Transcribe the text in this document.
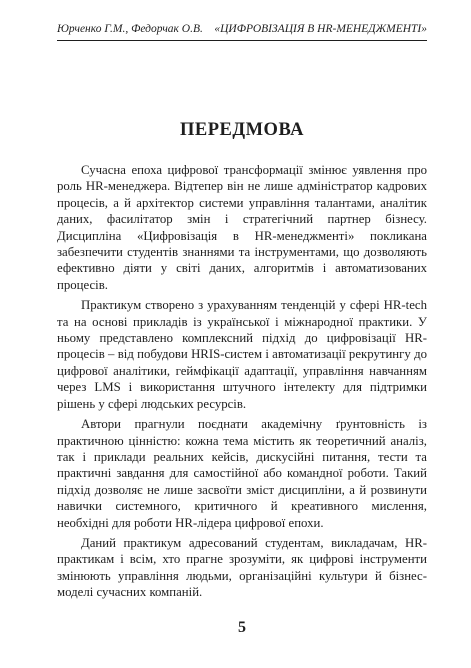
Юрченко Г.М., Федорчак О.В. «ЦИФРОВІЗАЦІЯ В HR-МЕНЕДЖМЕНТІ»
ПЕРЕДМОВА

Сучасна епоха цифрової трансформації змінює уявлення про роль HR-менеджера. Відтепер він не лише адміністратор кадрових процесів, а й архітектор системи управління талантами, аналітик даних, фасилітатор змін і стратегічний партнер бізнесу. Дисципліна «Цифровізація в HR-менеджменті» покликана забезпечити студентів знаннями та інструментами, що дозволяють ефективно діяти у світі даних, алгоритмів і автоматизованих процесів.

Практикум створено з урахуванням тенденцій у сфері HR-tech та на основі прикладів із української і міжнародної практики. У ньому представлено комплексний підхід до цифровізації HR-процесів – від побудови HRIS-систем і автоматизації рекрутингу до цифрової аналітики, геймфікації адаптації, управління навчанням через LMS і використання штучного інтелекту для підтримки рішень у сфері людських ресурсів.

Автори прагнули поєднати академічну ґрунтовність із практичною цінністю: кожна тема містить як теоретичний аналіз, так і приклади реальних кейсів, дискусійні питання, тести та практичні завдання для самостійної або командної роботи. Такий підхід дозволяє не лише засвоїти зміст дисципліни, а й розвинути навички системного, критичного й креативного мислення, необхідні для роботи HR-лідера цифрової епохи.

Даний практикум адресований студентам, викладачам, HR-практикам і всім, хто прагне зрозуміти, як цифрові інструменти змінюють управління людьми, організаційні культури й бізнес-моделі сучасних компаній.

5
